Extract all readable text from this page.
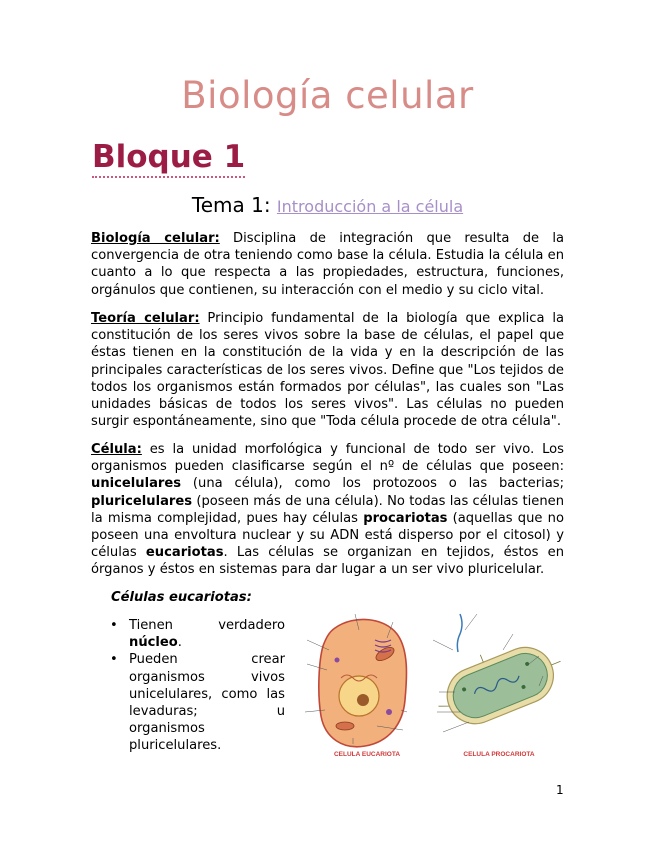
Biología celular
Bloque 1
Tema 1: Introducción a la célula

Biología celular: Disciplina de integración que resulta de la convergencia de otra teniendo como base la célula. Estudia la célula en cuanto a lo que respecta a las propiedades, estructura, funciones, orgánulos que contienen, su interacción con el medio y su ciclo vital.

Teoría celular: Principio fundamental de la biología que explica la constitución de los seres vivos sobre la base de células, el papel que éstas tienen en la constitución de la vida y en la descripción de las principales características de los seres vivos. Define que "Los tejidos de todos los organismos están formados por células", las cuales son "Las unidades básicas de todos los seres vivos". Las células no pueden surgir espontáneamente, sino que "Toda célula procede de otra célula".

Célula: es la unidad morfológica y funcional de todo ser vivo. Los organismos pueden clasificarse según el nº de células que poseen: unicelulares (una célula), como los protozoos o las bacterias; pluricelulares (poseen más de una célula). No todas las células tienen la misma complejidad, pues hay células procariotas (aquellas que no poseen una envoltura nuclear y su ADN está disperso por el citosol) y células eucariotas. Las células se organizan en tejidos, éstos en órganos y éstos en sistemas para dar lugar a un ser vivo pluricelular.

Células eucariotas:
• Tienen verdadero núcleo.
• Pueden crear organismos vivos unicelulares, como las levaduras; u organismos pluricelulares.
CELULA EUCARIOTA	CELULA PROCARIOTA
1
